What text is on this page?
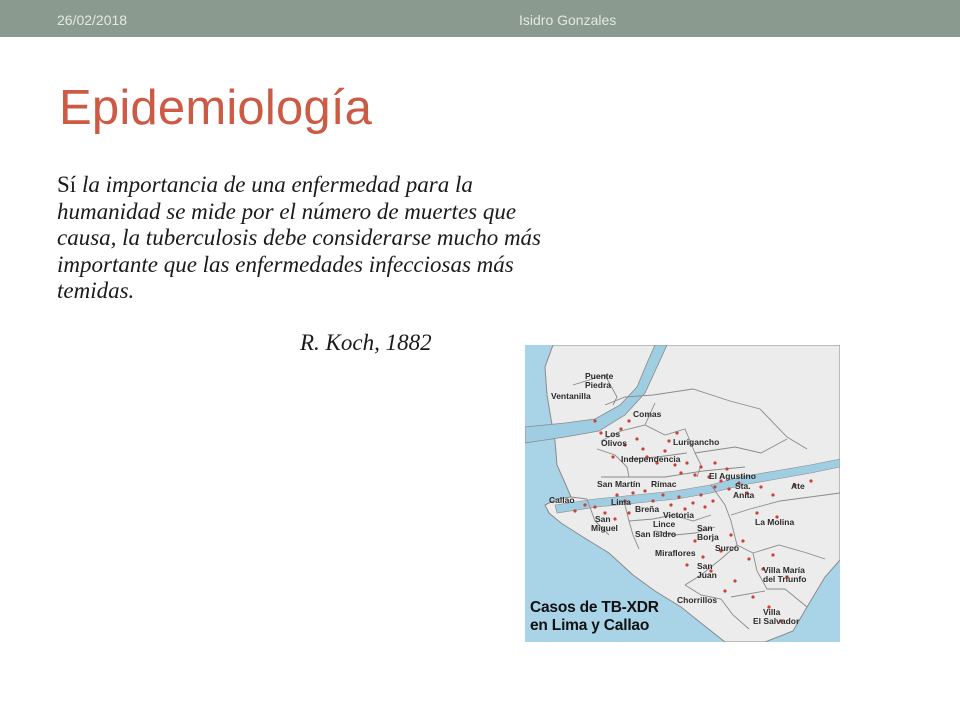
26/02/2018	Isidro Gonzales
Epidemiología
Sí la importancia de una enfermedad para la humanidad se mide por el número de muertes que causa, la tuberculosis debe considerarse mucho más importante que las enfermedades infecciosas más temidas.
R. Koch, 1882
Puente
Piedra
Ventanilla
Comas
Los
Olivos	Lurigancho
Independencia
El Agustino
San Martín Rímac	Sta.
Anita
Ate
Callao	Lima
Breña
Victoria
San
Miguel	Lince
San Isidro
San
Borja
La Molina
Surco
Miraflores
San
Juan	Villa María
del Triunfo
Chorrillos
Villa
El Salvador
Casos de TB-XDR
en Lima y Callao
